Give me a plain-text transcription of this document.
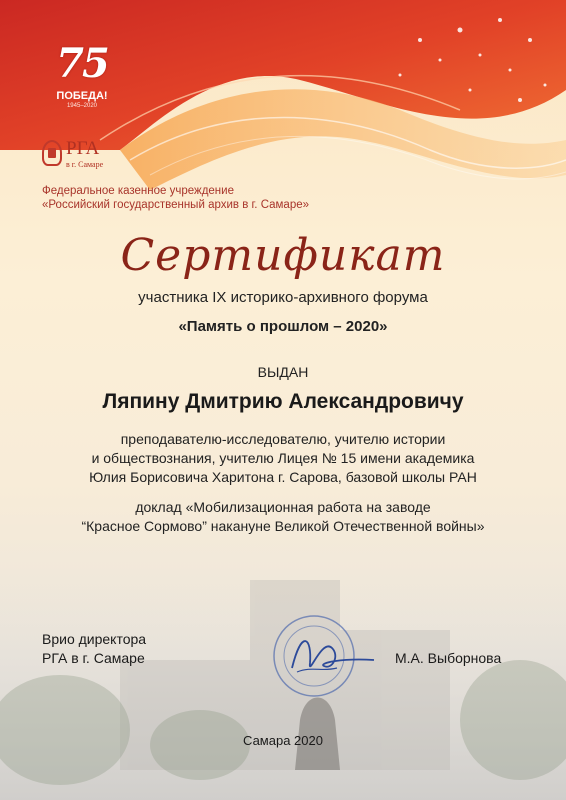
75
ПОБЕДА!
1945–2020
РГА
в г. Самаре
Федеральное казенное учреждение
«Российский государственный архив в г. Самаре»
Сертификат
участника IX историко-архивного форума
«Память о прошлом – 2020»
ВЫДАН
Ляпину Дмитрию Александровичу
преподавателю-исследователю, учителю истории
и обществознания, учителю Лицея № 15 имени академика
Юлия Борисовича Харитона г. Сарова, базовой школы РАН
доклад «Мобилизационная работа на заводе
“Красное Сормово” накануне Великой Отечественной войны»
Врио директора
РГА в г. Самаре	М.А. Выборнова
Самара 2020
